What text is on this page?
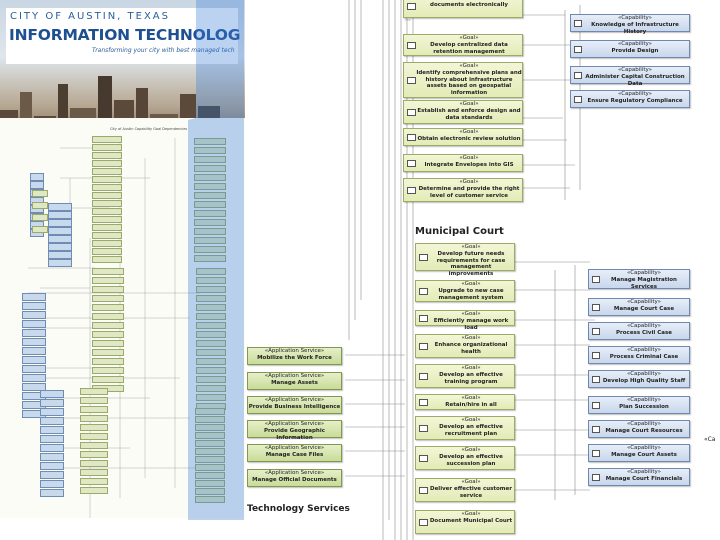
CITY OF AUSTIN, TEXAS
INFORMATION TECHNOLOG
Transforming your city with best managed tech
City of Austin Capability Goal Dependencies
documents electronically
«Goal»
Develop centralized data retention management
«Goal»
Identify comprehensive plans and history about infrastructure assets based on geospatial information
«Goal»
Establish and enforce design and data standards
«Goal»
Obtain electronic review solution
«Goal»
Integrate Envelopes into GIS
«Goal»
Determine and provide the right level of customer service
«Capability»
Knowledge of Infrastructure History
«Capability»
Provide Design
«Capability»
Administer Capital Construction Data
«Capability»
Ensure Regulatory Compliance
Municipal Court
«Goal»
Develop future needs requirements for case management improvements
«Goal»
Upgrade to new case management system
«Goal»
Efficiently manage work load
«Goal»
Enhance organizational health
«Goal»
Develop an effective training program
«Goal»
Retain/hire in all
«Goal»
Develop an effective recruitment plan
«Goal»
Develop an effective succession plan
«Goal»
Deliver effective customer service
«Goal»
Document Municipal Court
«Capability»
Manage Magistration Services
«Capability»
Manage Court Case
«Capability»
Process Civil Case
«Capability»
Process Criminal Case
«Capability»
Develop High Quality Staff
«Capability»
Plan Succession
«Capability»
Manage Court Resources
«Capability»
Manage Court Assets
«Capability»
Manage Court Financials
«Ca
«Application Service»
Mobilize the Work Force
«Application Service»
Manage Assets
«Application Service»
Provide Business Intelligence
«Application Service»
Provide Geographic Information
«Application Service»
Manage Case Files
«Application Service»
Manage Official Documents
Technology Services
